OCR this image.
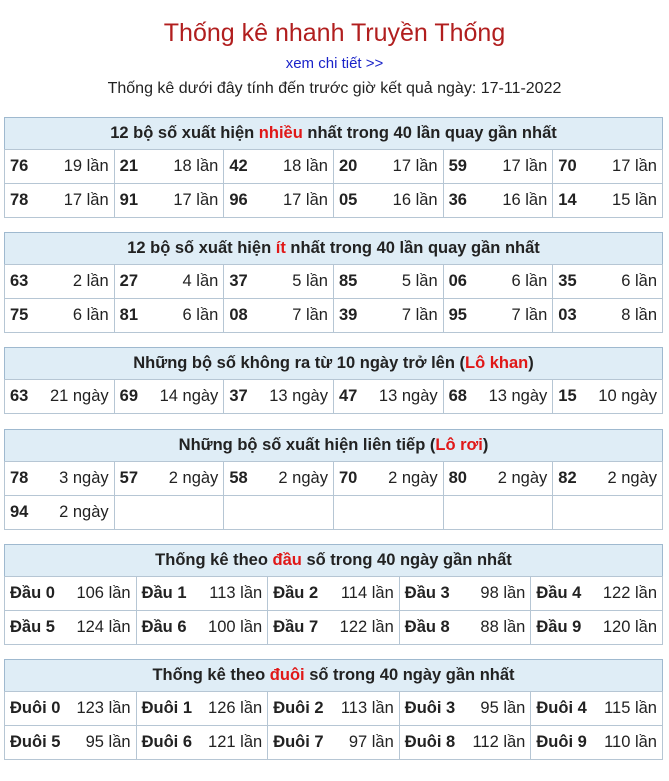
Thống kê nhanh Truyền Thống
xem chi tiết >>
Thống kê dưới đây tính đến trước giờ kết quả ngày: 17-11-2022
12 bộ số xuất hiện nhiều nhất trong 40 lần quay gần nhất
76 19 lần	21 18 lần	42 18 lần	20 17 lần	59 17 lần	70 17 lần

78 17 lần	91 17 lần	96 17 lần	05 16 lần	36 16 lần	14 15 lần
12 bộ số xuất hiện ít nhất trong 40 lần quay gần nhất
63 2 lần	27 4 lần	37 5 lần	85 5 lần	06 6 lần	35 6 lần

75 6 lần	81 6 lần	08 7 lần	39 7 lần	95 7 lần	03 8 lần
Những bộ số không ra từ 10 ngày trở lên (Lô khan)
63 21 ngày	69 14 ngày	37 13 ngày	47 13 ngày	68 13 ngày	15 10 ngày
Những bộ số xuất hiện liên tiếp (Lô rơi)
78 3 ngày	57 2 ngày	58 2 ngày	70 2 ngày	80 2 ngày	82 2 ngày

94 2 ngày					

Thống kê theo đầu số trong 40 ngày gần nhất
Đầu 0 106 lần	Đầu 1 113 lần	Đầu 2 114 lần	Đầu 3 98 lần	Đầu 4 122 lần

Đầu 5 124 lần	Đầu 6 100 lần	Đầu 7 122 lần	Đầu 8 88 lần	Đầu 9 120 lần
Thống kê theo đuôi số trong 40 ngày gần nhất
Đuôi 0 123 lần	Đuôi 1 126 lần	Đuôi 2 113 lần	Đuôi 3 95 lần	Đuôi 4 115 lần

Đuôi 5 95 lần	Đuôi 6 121 lần	Đuôi 7 97 lần	Đuôi 8 112 lần	Đuôi 9 110 lần
